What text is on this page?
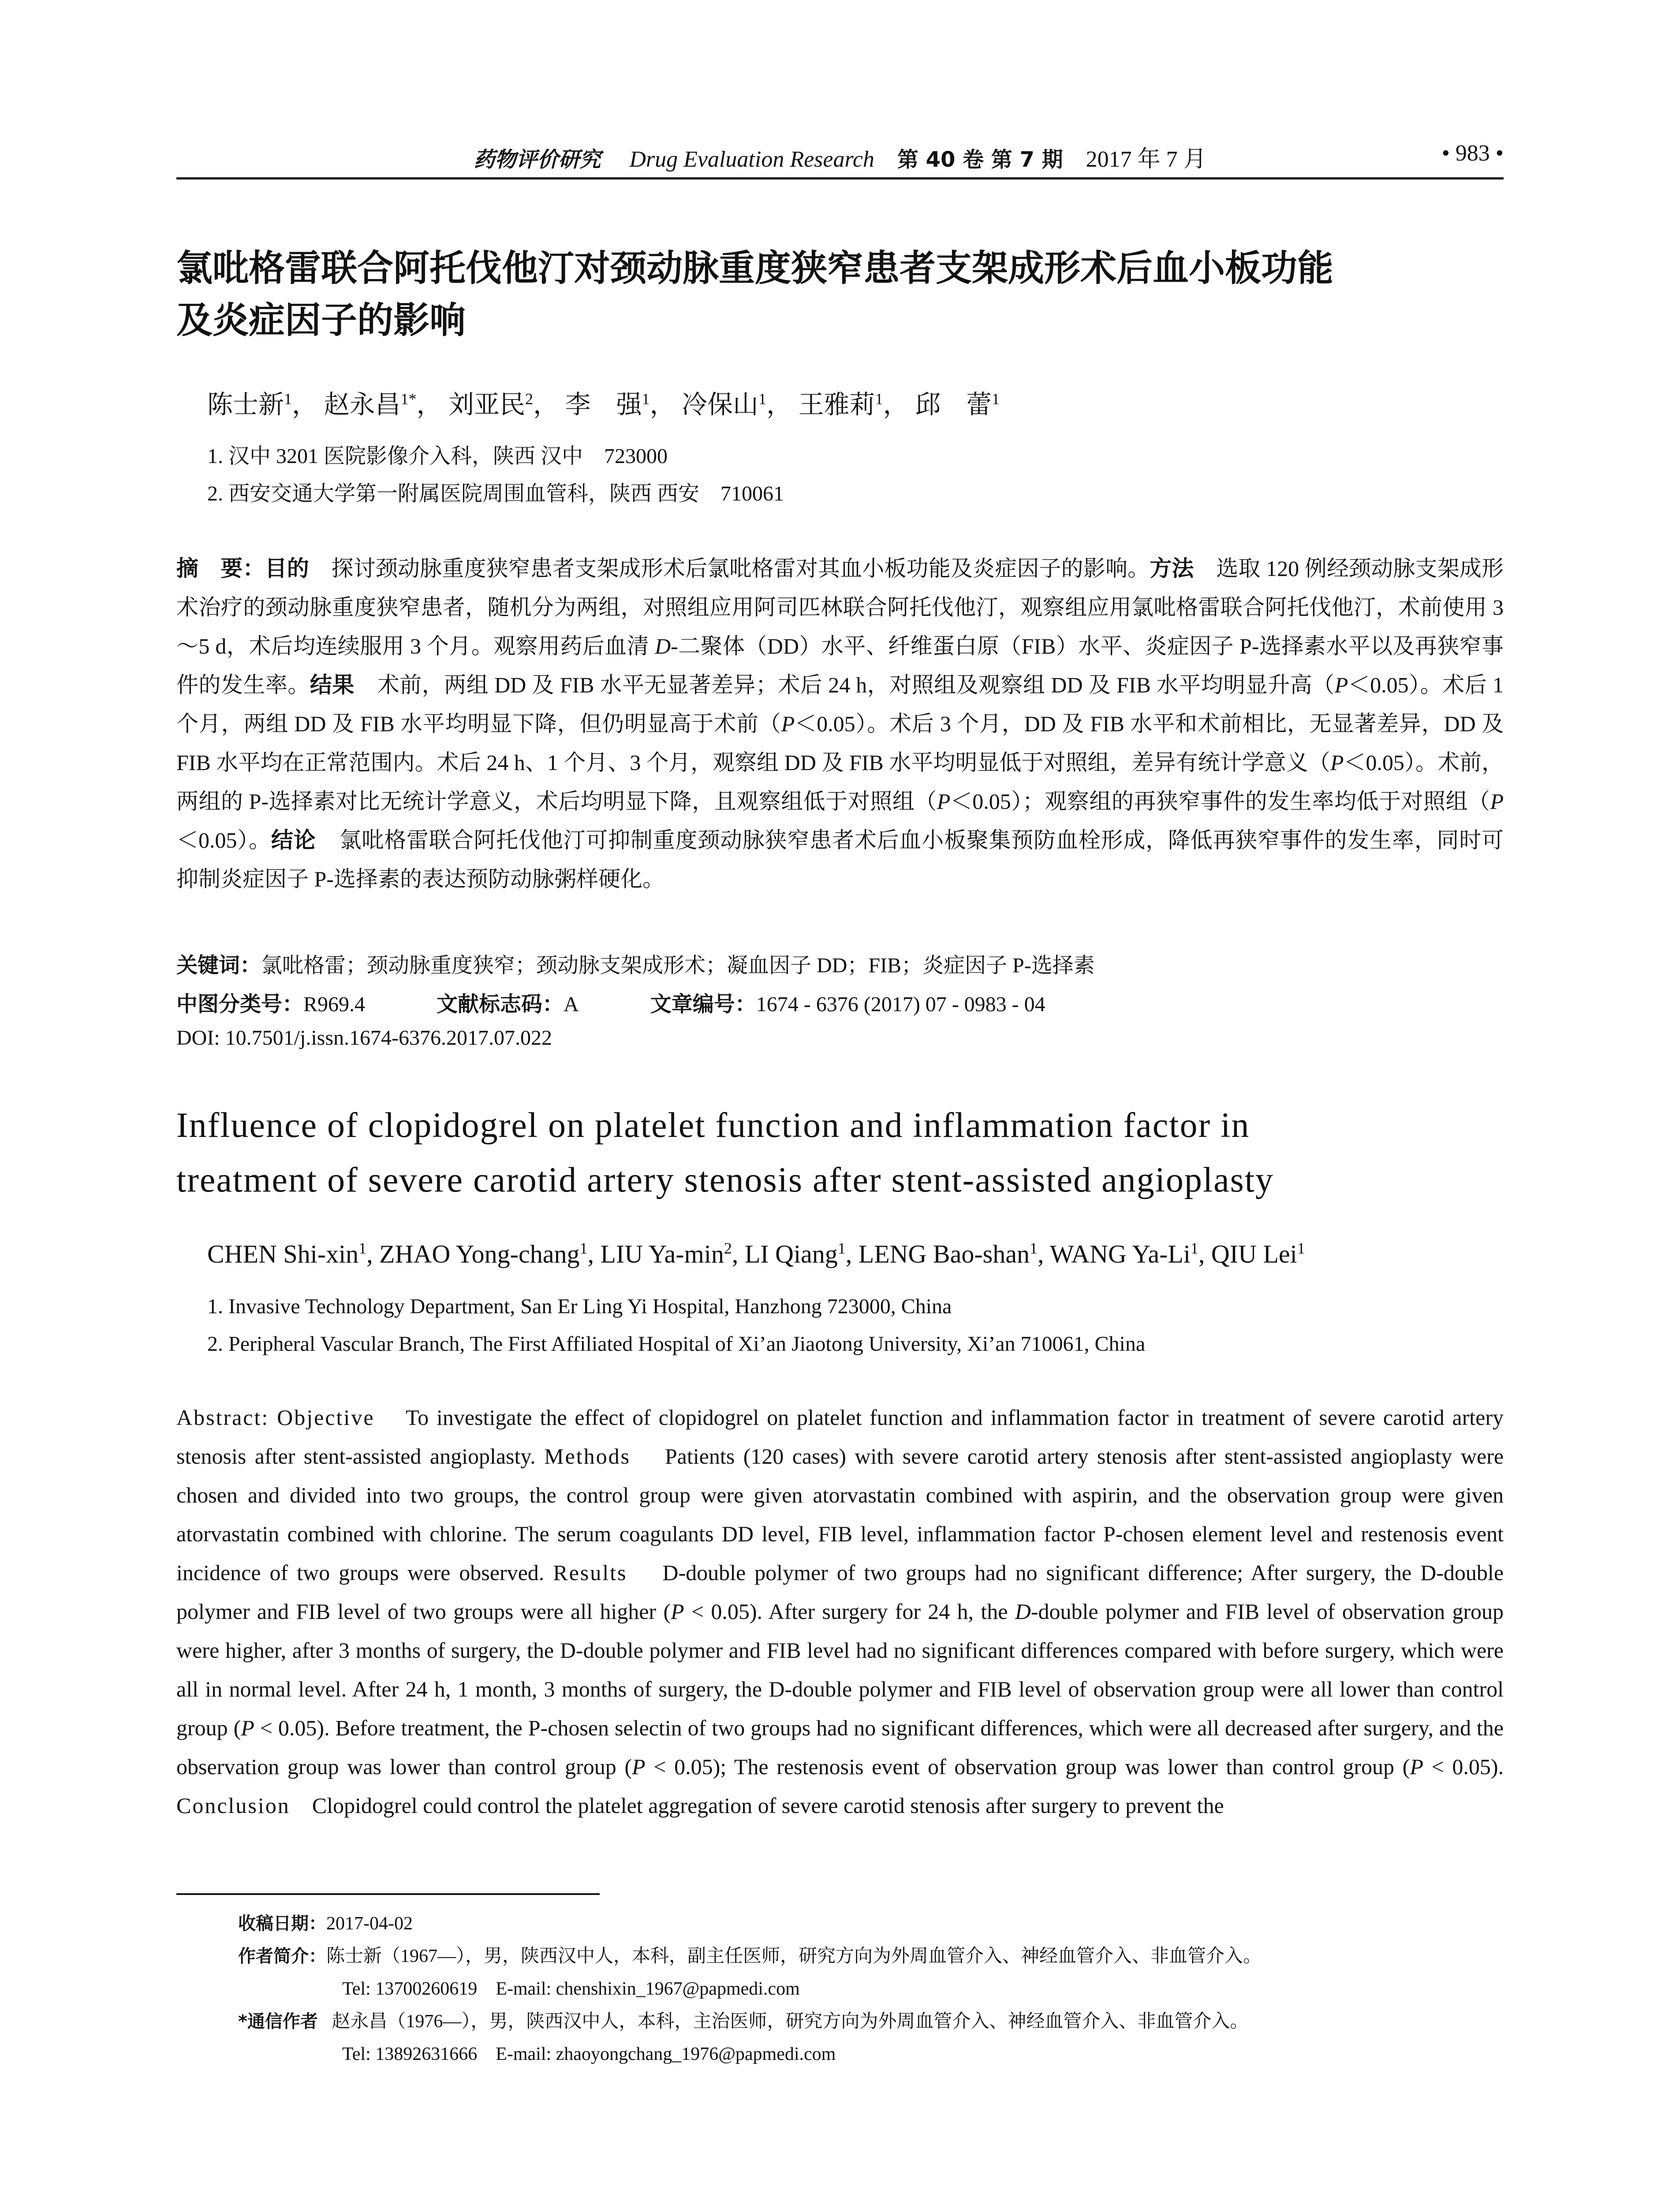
药物评价研究 Drug Evaluation Research 第 40 卷 第 7 期 2017 年 7 月	• 983 •
氯吡格雷联合阿托伐他汀对颈动脉重度狭窄患者支架成形术后血小板功能
及炎症因子的影响
陈士新$^1$， 赵永昌$^{1*}$， 刘亚民$^2$， 李　强$^1$， 冷保山$^1$， 王雅莉$^1$， 邱　蕾$^1$
1. 汉中 3201 医院影像介入科，陕西 汉中　723000
2. 西安交通大学第一附属医院周围血管科，陕西 西安　710061
摘　要：目的 探讨颈动脉重度狭窄患者支架成形术后氯吡格雷对其血小板功能及炎症因子的影响。方法 选取 120 例经颈动脉支架成形术治疗的颈动脉重度狭窄患者，随机分为两组，对照组应用阿司匹林联合阿托伐他汀，观察组应用氯吡格雷联合阿托伐他汀，术前使用 3～5 d，术后均连续服用 3 个月。观察用药后血清 D-二聚体（DD）水平、纤维蛋白原（FIB）水平、炎症因子 P-选择素水平以及再狭窄事件的发生率。结果 术前，两组 DD 及 FIB 水平无显著差异；术后 24 h，对照组及观察组 DD 及 FIB 水平均明显升高（P＜0.05）。术后 1 个月，两组 DD 及 FIB 水平均明显下降，但仍明显高于术前（P＜0.05）。术后 3 个月，DD 及 FIB 水平和术前相比，无显著差异，DD 及 FIB 水平均在正常范围内。术后 24 h、1 个月、3 个月，观察组 DD 及 FIB 水平均明显低于对照组，差异有统计学意义（P＜0.05）。术前，两组的 P-选择素对比无统计学意义，术后均明显下降，且观察组低于对照组（P＜0.05）；观察组的再狭窄事件的发生率均低于对照组（P＜0.05）。结论 氯吡格雷联合阿托伐他汀可抑制重度颈动脉狭窄患者术后血小板聚集预防血栓形成，降低再狭窄事件的发生率，同时可抑制炎症因子 P-选择素的表达预防动脉粥样硬化。
关键词：氯吡格雷；颈动脉重度狭窄；颈动脉支架成形术；凝血因子 DD；FIB；炎症因子 P-选择素
中图分类号：R969.4	文献标志码：A	文章编号：1674 - 6376 (2017) 07 - 0983 - 04
DOI: 10.7501/j.issn.1674-6376.2017.07.022
Influence of clopidogrel on platelet function and inflammation factor in
treatment of severe carotid artery stenosis after stent-assisted angioplasty
CHEN Shi-xin$^1$, ZHAO Yong-chang$^1$, LIU $Ya-\min^2$, LI Qiang$^1$, LENG Bao-shan$^1$, WANG Ya-Li$^1$, QIU Lei$^1$
1. Invasive Technology Department, San Er Ling Yi Hospital, Hanzhong 723000, China
2. Peripheral Vascular Branch, The First Affiliated Hospital of Xi’an Jiaotong University, Xi’an 710061, China
Abstract: Objective To investigate the effect of clopidogrel on platelet function and inflammation factor in treatment of severe carotid artery stenosis after stent-assisted angioplasty. Methods Patients (120 cases) with severe carotid artery stenosis after stent-assisted angioplasty were chosen and divided into two groups, the control group were given atorvastatin combined with aspirin, and the observation group were given atorvastatin combined with chlorine. The serum coagulants DD level, FIB level, inflammation factor P-chosen element level and restenosis event incidence of two groups were observed. Results D-double polymer of two groups had no significant difference; After surgery, the D-double polymer and FIB level of two groups were all higher (P < 0.05). After surgery for 24 h, the D-double polymer and FIB level of observation group were higher, after 3 months of surgery, the D-double polymer and FIB level had no significant differences compared with before surgery, which were all in normal level. After 24 h, 1 month, 3 months of surgery, the D-double polymer and FIB level of observation group were all lower than control group (P < 0.05). Before treatment, the P-chosen selectin of two groups had no significant differences, which were all decreased after surgery, and the observation group was lower than control group (P < 0.05); The restenosis event of observation group was lower than control group (P < 0.05). Conclusion Clopidogrel could control the platelet aggregation of severe carotid stenosis after surgery to prevent the
收稿日期：2017-04-02
作者简介：陈士新（1967—），男，陕西汉中人，本科，副主任医师，研究方向为外周血管介入、神经血管介入、非血管介入。
Tel: 13700260619　E-mail: chenshixin_1967@papmedi.com
*通信作者 赵永昌（1976—），男，陕西汉中人，本科，主治医师，研究方向为外周血管介入、神经血管介入、非血管介入。
Tel: 13892631666　E-mail: zhaoyongchang_1976@papmedi.com
